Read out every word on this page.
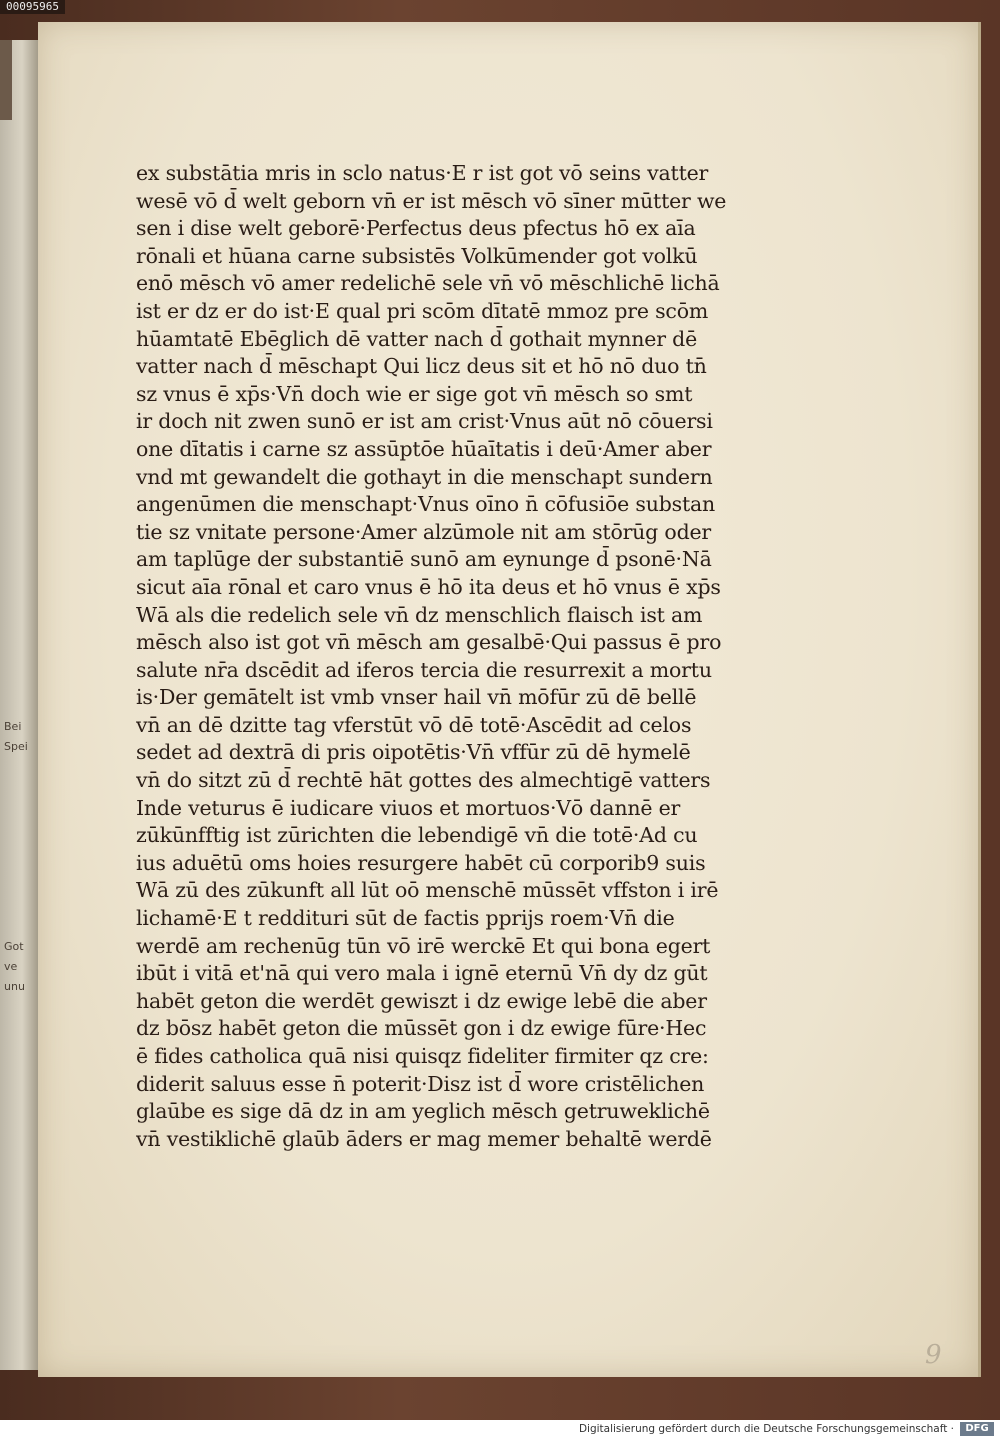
00095965
Bei
Spei
Got
ve
unu
ex substātia mris in sclo natus·E r ist got vō seins vatter
wesē vō d̄ welt geborn vn̄ er ist mēsch vō sīner mūtter we
sen i dise welt geborē·Perfectus deus pfectus hō ex aīa
rōnali et hūana carne subsistēs Volkūmender got volkū
enō mēsch vō amer redelichē sele vn̄ vō mēschlichē lichā
ist er dz er do ist·E qual pri scōm dītatē mmoz pre scōm
hūamtatē Ebēglich dē vatter nach d̄ gothait mynner dē
vatter nach d̄ mēschapt Qui licz deus sit et hō nō duo tn̄
sz vnus ē xp̄s·Vn̄ doch wie er sige got vn̄ mēsch so smt
ir doch nit zwen sunō er ist am crist·Vnus aūt nō cōuersi
one dītatis i carne sz assūptōe hūaītatis i deū·Amer aber
vnd mt gewandelt die gothayt in die menschapt sundern
angenūmen die menschapt·Vnus oīno n̄ cōfusiōe substan
tie sz vnitate persone·Amer alzūmole nit am stōrūg oder
am taplūge der substantiē sunō am eynunge d̄ psonē·Nā
sicut aīa rōnal et caro vnus ē hō ita deus et hō vnus ē xp̄s
Wā als die redelich sele vn̄ dz menschlich flaisch ist am
mēsch also ist got vn̄ mēsch am gesalbē·Qui passus ē pro
salute nr̄a dscēdit ad iferos tercia die resurrexit a mortu
is·Der gemātelt ist vmb vnser hail vn̄ mōfūr zū dē bellē
vn̄ an dē dzitte tag vferstūt vō dē totē·Ascēdit ad celos
sedet ad dextrā di pris oipotētis·Vn̄ vffūr zū dē hymelē
vn̄ do sitzt zū d̄ rechtē hāt gottes des almechtigē vatters
Inde veturus ē iudicare viuos et mortuos·Vō dannē er
zūkūnfftig ist zūrichten die lebendigē vn̄ die totē·Ad cu
ius aduētū oms hoies resurgere habēt cū corporib9 suis
Wā zū des zūkunft all lūt oō menschē mūssēt vffston i irē
lichamē·E t reddituri sūt de factis pprijs roem·Vn̄ die
werdē am rechenūg tūn vō irē werckē Et qui bona egert
ibūt i vitā et'nā qui vero mala i ignē eternū Vn̄ dy dz gūt
habēt geton die werdēt gewiszt i dz ewige lebē die aber
dz bōsz habēt geton die mūssēt gon i dz ewige fūre·Hec
ē fides catholica quā nisi quisqz fideliter firmiter qz cre:
diderit saluus esse n̄ poterit·Disz ist d̄ wore cristēlichen
glaūbe es sige dā dz in am yeglich mēsch getruweklichē
vn̄ vestiklichē glaūb āders er mag memer behaltē werdē
9
Digitalisierung gefördert durch die Deutsche Forschungsgemeinschaft ·	DFG
